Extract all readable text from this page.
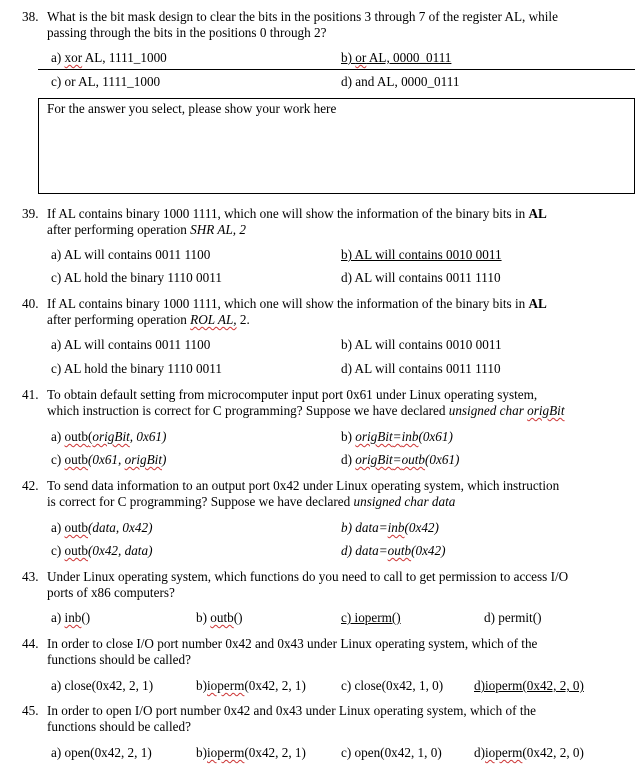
38. What is the bit mask design to clear the bits in the positions 3 through 7 of the register AL, while
passing through the bits in the positions 0 through 2?
a) xor AL, 1111_1000	b) or AL, 0000_0111
c) or AL, 1111_1000	d) and AL, 0000_0111
For the answer you select, please show your work here
39. If AL contains binary 1000 1111, which one will show the information of the binary bits in AL
after performing operation SHR AL, 2
a) AL will contains 0011 1100	b) AL will contains 0010 0011
c) AL hold the binary 1110 0011	d) AL will contains 0011 1110
40. If AL contains binary 1000 1111, which one will show the information of the binary bits in AL
after performing operation ROL AL, 2.
a) AL will contains 0011 1100	b) AL will contains 0010 0011
c) AL hold the binary 1110 0011	d) AL will contains 0011 1110
41. To obtain default setting from microcomputer input port 0x61 under Linux operating system,
which instruction is correct for C programming? Suppose we have declared unsigned char origBit
a) outb(origBit, 0x61)	b) origBit=inb(0x61)
c) outb(0x61, origBit)	d) origBit=outb(0x61)
42. To send data information to an output port 0x42 under Linux operating system, which instruction
is correct for C programming? Suppose we have declared unsigned char data
a) outb(data, 0x42)	b) data=inb(0x42)
c) outb(0x42, data)	d) data=outb(0x42)
43. Under Linux operating system, which functions do you need to call to get permission to access I/O
ports of x86 computers?
a) inb()	b) outb()	c) ioperm()	d) permit()
44. In order to close I/O port number 0x42 and 0x43 under Linux operating system, which of the
functions should be called?
a) close(0x42, 2, 1)	b)ioperm(0x42, 2, 1)	c) close(0x42, 1, 0) d)ioperm(0x42, 2, 0)
45. In order to open I/O port number 0x42 and 0x43 under Linux operating system, which of the
functions should be called?
a) open(0x42, 2, 1)	b)ioperm(0x42, 2, 1)	c) open(0x42, 1, 0) d)ioperm(0x42, 2, 0)
